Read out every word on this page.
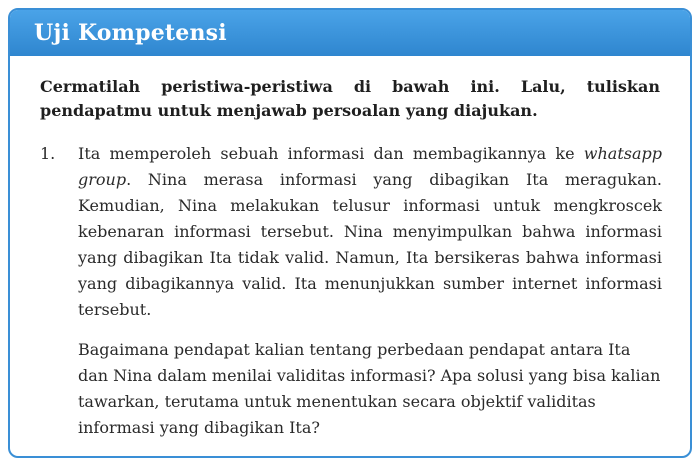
Uji Kompetensi
Cermatilah peristiwa-peristiwa di bawah ini. Lalu, tuliskan pendapatmu untuk menjawab persoalan yang diajukan.
1. Ita memperoleh sebuah informasi dan membagikannya ke whatsapp group. Nina merasa informasi yang dibagikan Ita meragukan. Kemudian, Nina melakukan telusur informasi untuk mengkroscek kebenaran informasi tersebut. Nina menyimpulkan bahwa informasi yang dibagikan Ita tidak valid. Namun, Ita bersikeras bahwa informasi yang dibagikannya valid. Ita menunjukkan sumber internet informasi tersebut.

Bagaimana pendapat kalian tentang perbedaan pendapat antara Ita dan Nina dalam menilai validitas informasi? Apa solusi yang bisa kalian tawarkan, terutama untuk menentukan secara objektif validitas informasi yang dibagikan Ita?
